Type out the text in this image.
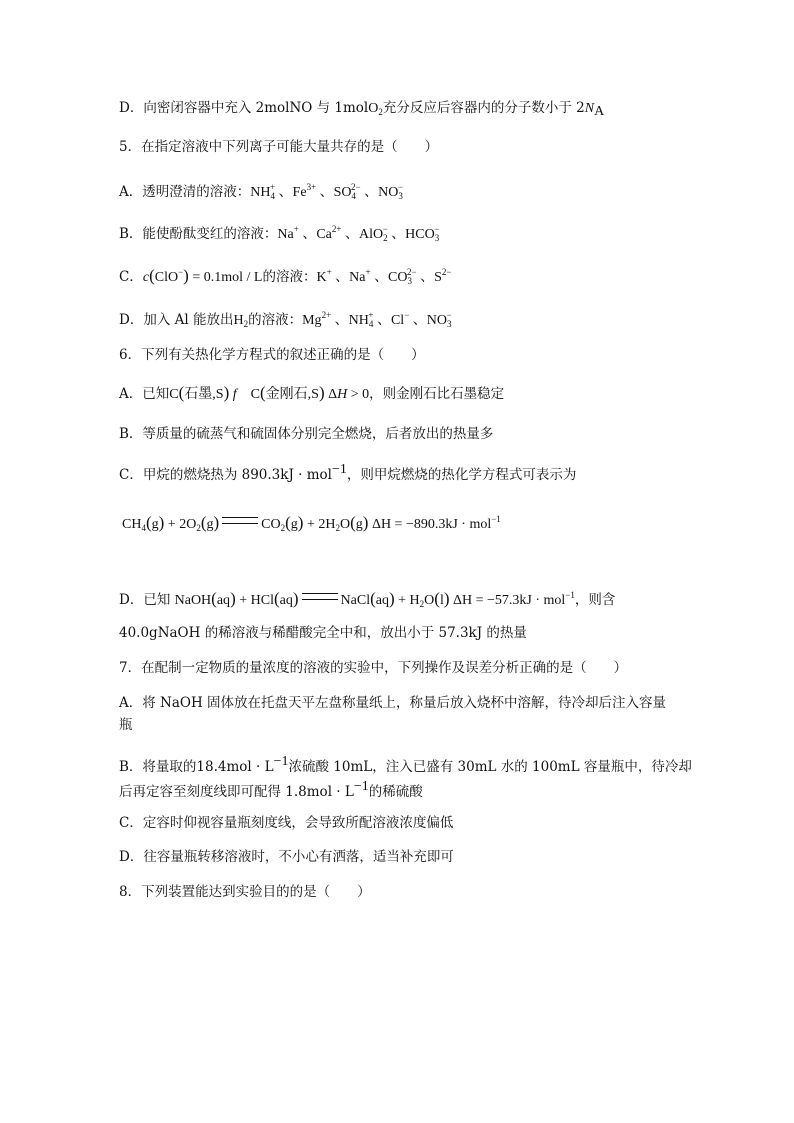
D．向密闭容器中充入 2molNO 与 1molO$_2$充分反应后容器内的分子数小于 $2N_A$
5．在指定溶液中下列离子可能大量共存的是（　　）
A．透明澄清的溶液：$NH_4^+$ 、$Fe^{3+}$ 、$SO_4^{2-}$ 、$NO_3^-$
B．能使酚酞变红的溶液：Na+ 、$Ca^{2+}$ 、AlO$_2$− 、$HCO_3^-$
C．c(ClO−) = 0.1mol / L的溶液：K+ 、Na+ 、$CO_3^{2-}$ 、$S^{2-}$
D．加入 Al 能放出$H_2$的溶液：$Mg^{2+}$ 、$NH_4^+$ 、Cl− 、$NO_3^-$
6．下列有关热化学方程式的叙述正确的是（　　）
A．已知C(石墨,S) f　C(金刚石,S) ΔH > 0，则金刚石比石墨稳定
B．等质量的硫蒸气和硫固体分别完全燃烧，后者放出的热量多
C．甲烷的燃烧热为 890.3kJ · mol$^{-1}$，则甲烷燃烧的热化学方程式可表示为
$CH_4(g) + 2O_2(g)$	$CO_2(g) + 2H_2O(g) \Delta H = -890.3kJ \cdot mol^{-1}$
D．已知 NaOH(aq) + HCl(aq)	NaCl(aq) + $H_2O(l) \Delta H = -57.3kJ \cdot mol^{-1}$，则含
40.0gNaOH 的稀溶液与稀醋酸完全中和，放出小于 57.3kJ 的热量
7．在配制一定物质的量浓度的溶液的实验中，下列操作及误差分析正确的是（　　）
A．将 NaOH 固体放在托盘天平左盘称量纸上，称量后放入烧杯中溶解，待冷却后注入容量
瓶
B．将量取的$18.4mol \cdot L^{-1}$浓硫酸 10mL，注入已盛有 30mL 水的 100mL 容量瓶中，待冷却
后再定容至刻度线即可配得 $1.8mol \cdot L^{-1}$的稀硫酸
C．定容时仰视容量瓶刻度线，会导致所配溶液浓度偏低
D．往容量瓶转移溶液时，不小心有洒落，适当补充即可
8．下列装置能达到实验目的的是（　　）
